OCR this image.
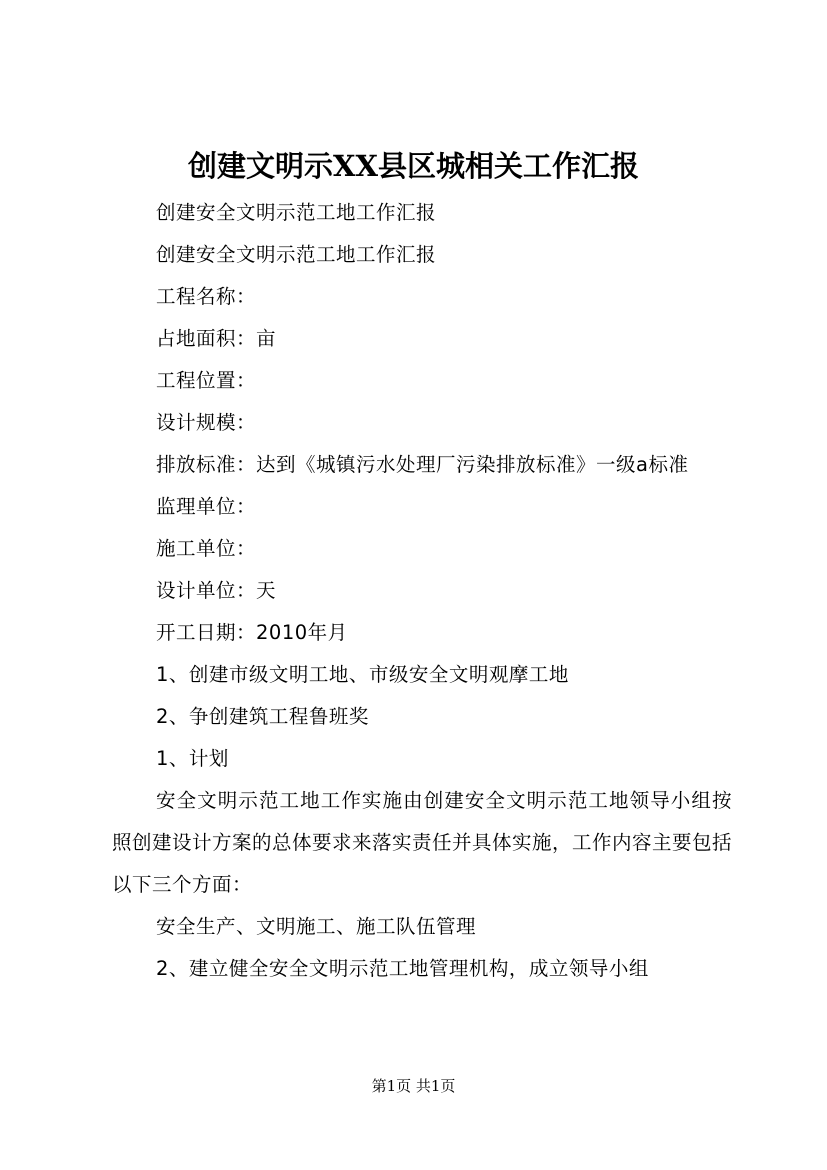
创建文明示XX县区城相关工作汇报

创建安全文明示范工地工作汇报

创建安全文明示范工地工作汇报

工程名称：

占地面积：亩

工程位置：

设计规模：

排放标准：达到《城镇污水处理厂污染排放标准》一级a标准

监理单位：

施工单位：

设计单位：天

开工日期：2010年月

1、创建市级文明工地、市级安全文明观摩工地

2、争创建筑工程鲁班奖

1、计划

安全文明示范工地工作实施由创建安全文明示范工地领导小组按照创建设计方案的总体要求来落实责任并具体实施，工作内容主要包括以下三个方面：

安全生产、文明施工、施工队伍管理

2、建立健全安全文明示范工地管理机构，成立领导小组

第1页 共1页
